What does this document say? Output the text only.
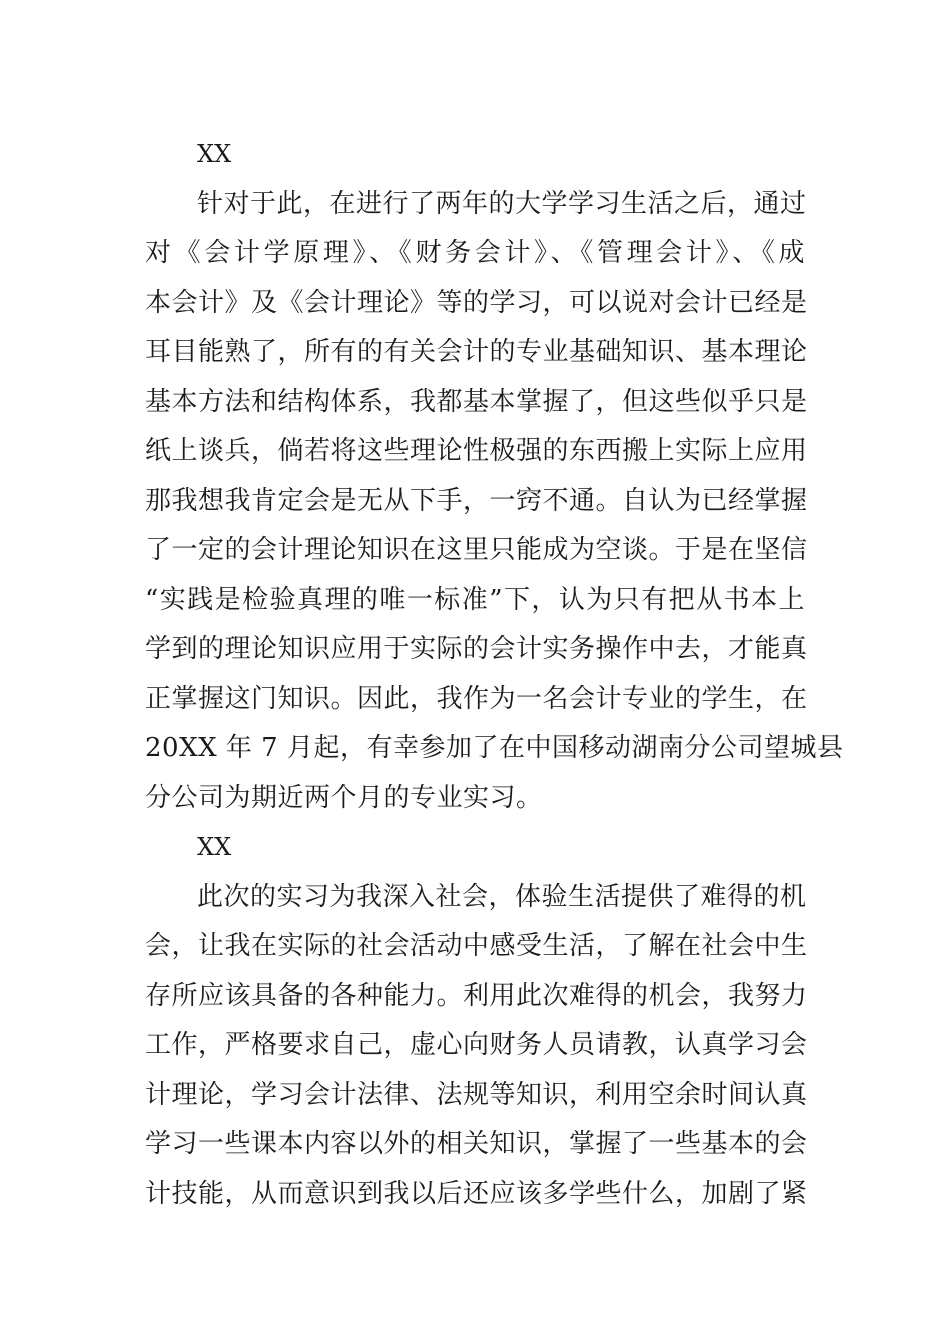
XX
针对于此，在进行了两年的大学学习生活之后，通过
对《会计学原理》、《财务会计》、《管理会计》、《成
本会计》及《会计理论》等的学习，可以说对会计已经是
耳目能熟了，所有的有关会计的专业基础知识、基本理论
基本方法和结构体系，我都基本掌握了，但这些似乎只是
纸上谈兵，倘若将这些理论性极强的东西搬上实际上应用
那我想我肯定会是无从下手，一窍不通。自认为已经掌握
了一定的会计理论知识在这里只能成为空谈。于是在坚信
“实践是检验真理的唯一标准”下，认为只有把从书本上
学到的理论知识应用于实际的会计实务操作中去，才能真
正掌握这门知识。因此，我作为一名会计专业的学生，在
20XX 年 7 月起，有幸参加了在中国移动湖南分公司望城县
分公司为期近两个月的专业实习。
XX
此次的实习为我深入社会，体验生活提供了难得的机
会，让我在实际的社会活动中感受生活，了解在社会中生
存所应该具备的各种能力。利用此次难得的机会，我努力
工作，严格要求自己，虚心向财务人员请教，认真学习会
计理论，学习会计法律、法规等知识，利用空余时间认真
学习一些课本内容以外的相关知识，掌握了一些基本的会
计技能，从而意识到我以后还应该多学些什么，加剧了紧
